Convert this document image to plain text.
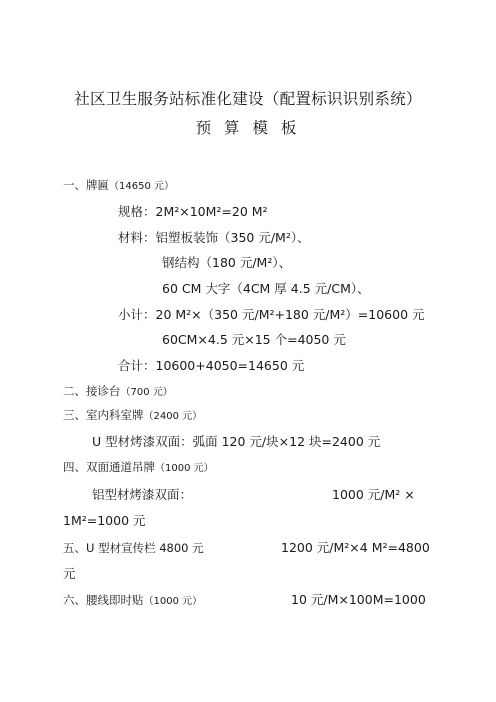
社区卫生服务站标准化建设（配置标识识别系统）
预 算 模 板
一、牌匾（14650 元）
规格：2M²×10M²=20 M²
材料：铝塑板装饰（350 元/M²）、
钢结构（180 元/M²）、
60 CM 大字（4CM 厚 4.5 元/CM）、
小计：20 M²×（350 元/M²+180 元/M²）=10600 元
60CM×4.5 元×15 个=4050 元
合计：10600+4050=14650 元
二、接诊台（700 元）
三、室内科室牌（2400 元）
U 型材烤漆双面：弧面 120 元/块×12 块=2400 元
四、双面通道吊牌（1000 元）
铝型材烤漆双面：	1000 元/M² ×
1M²=1000 元
五、U 型材宣传栏 4800 元	1200 元/M²×4 M²=4800
元
六、腰线即时贴（1000 元）	10 元/M×100M=1000
